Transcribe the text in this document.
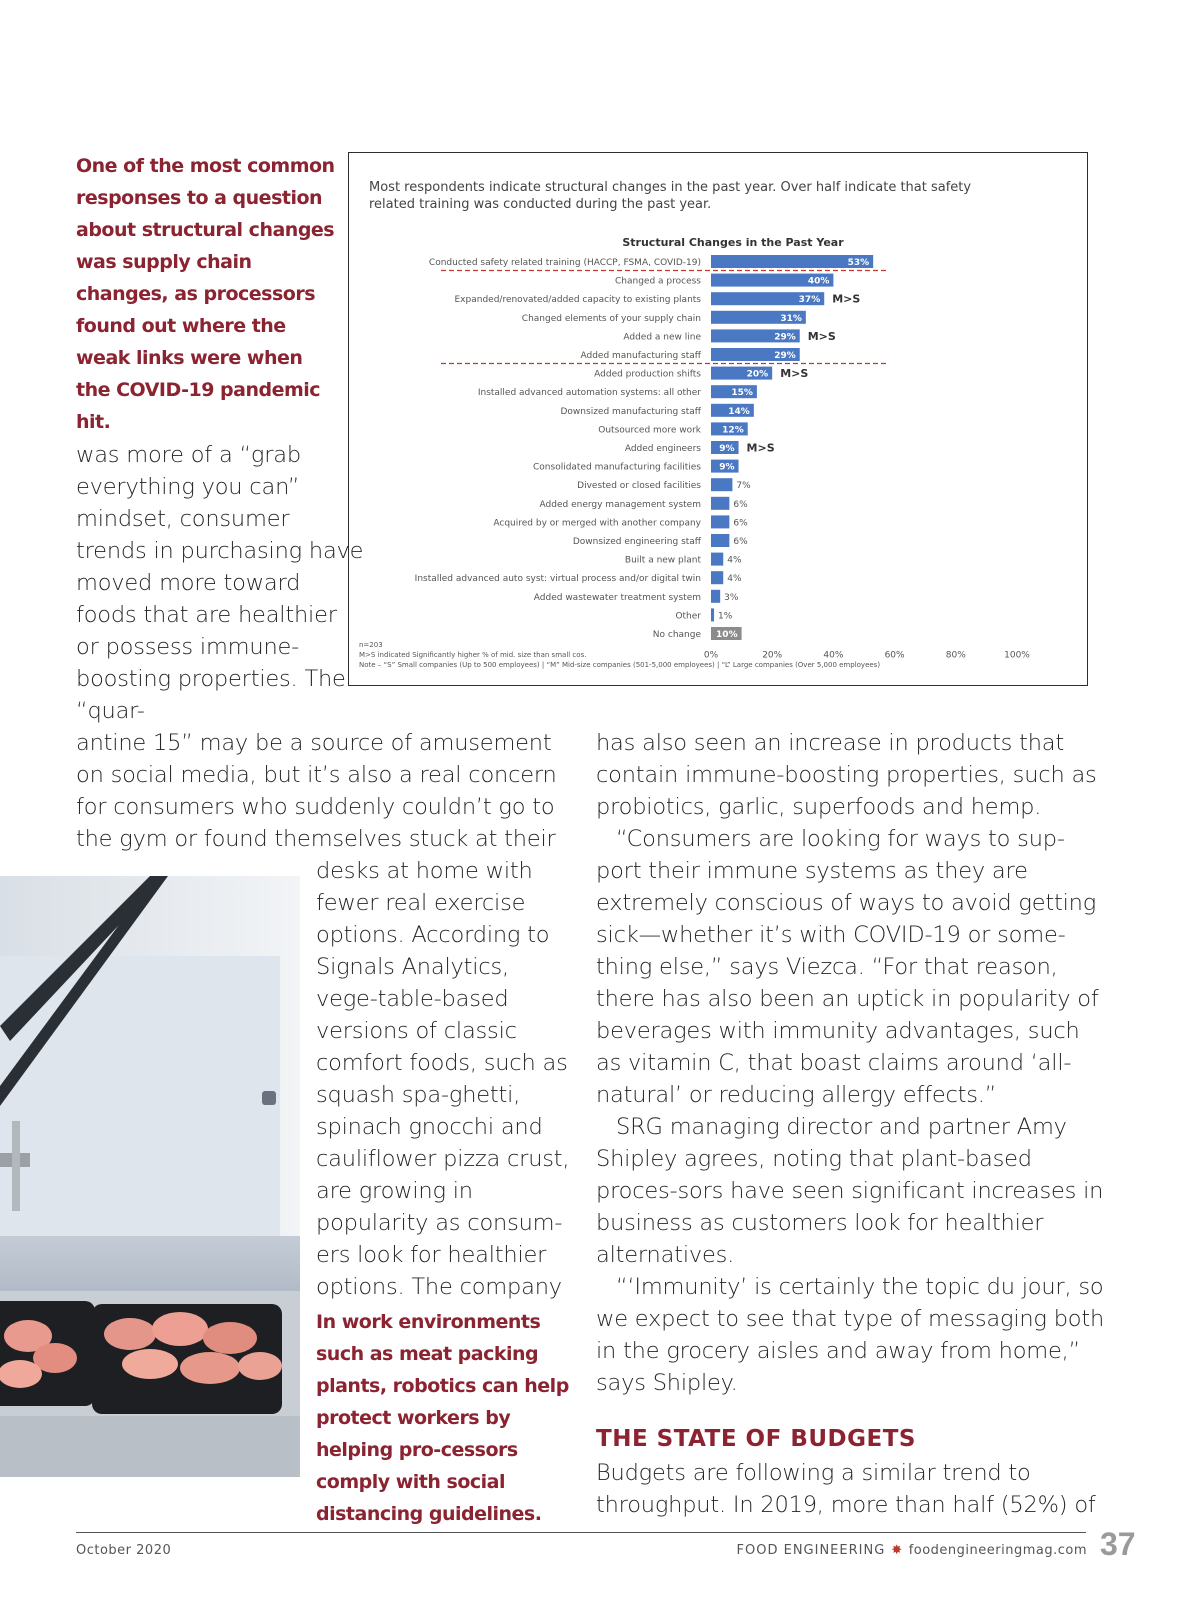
One of the most common responses to a question about structural changes was supply chain changes, as processors found out where the weak links were when the COVID-19 pandemic hit.
Most respondents indicate structural changes in the past year. Over half indicate that safety
related training was conducted during the past year.
Structural Changes in the Past Year
Conducted safety related training (HACCP, FSMA, COVID-19)	53%
Changed a process	40%
Expanded/renovated/added capacity to existing plants	37% M>S
Changed elements of your supply chain	31%
Added a new line	29% M>S
Added manufacturing staff	29%
Added production shifts	20% M>S
Installed advanced automation systems: all other	15%
Downsized manufacturing staff	14%
Outsourced more work 12%
Added engineers 9% M>S
Consolidated manufacturing facilities 9%
Divested or closed facilities	7%
Added energy management system	6%
Acquired by or merged with another company	6%
Downsized engineering staff	6%
Built a new plant	4%
Installed advanced auto syst: virtual process and/or digital twin	4%
Added wastewater treatment system	3%
Other 1%
No change 10%
0%	20%	40%	60%	80%	100%
n=203
M>S indicated Significantly higher % of mid. size than small cos.
Note – “S” Small companies (Up to 500 employees) | “M” Mid-size companies (501-5,000 employees) | “L” Large companies (Over 5,000 employees)
was more of a “grab everything you can” mindset, consumer trends in purchasing have moved more toward foods that are healthier or possess immune-boosting properties. The “quar-
antine 15” may be a source of amusement on social media, but it’s also a real concern for consumers who suddenly couldn’t go to the gym or found themselves stuck at their
desks at home with fewer real exercise options. According to Signals Analytics, vege-table-based versions of classic comfort foods, such as squash spa-ghetti, spinach gnocchi and cauliflower pizza crust, are growing in popularity as consum-ers look for healthier options. The company
In work environments such as meat packing plants, robotics can help protect workers by helping pro-cessors comply with social distancing guidelines.

has also seen an increase in products that contain immune-boosting properties, such as probiotics, garlic, superfoods and hemp.

“Consumers are looking for ways to sup-port their immune systems as they are extremely conscious of ways to avoid getting sick—whether it’s with COVID-19 or some-thing else,” says Viezca. “For that reason, there has also been an uptick in popularity of beverages with immunity advantages, such as vitamin C, that boast claims around ‘all-natural’ or reducing allergy effects.”

SRG managing director and partner Amy Shipley agrees, noting that plant-based proces-sors have seen significant increases in business as customers look for healthier alternatives.

“‘Immunity’ is certainly the topic du jour, so we expect to see that type of messaging both in the grocery aisles and away from home,” says Shipley.

THE STATE OF BUDGETS

Budgets are following a similar trend to throughput. In 2019, more than half (52%) of

October 2020	FOOD ENGINEERING ✸ foodengineeringmag.com 37
